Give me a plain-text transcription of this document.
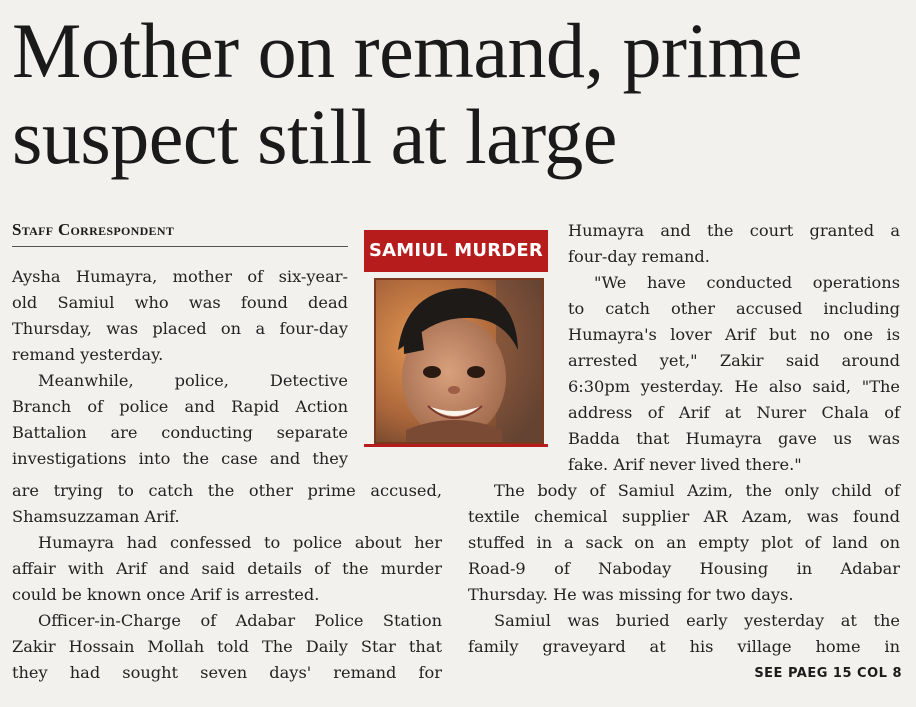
Mother on remand, prime
suspect still at large
Staff Correspondent
Aysha Humayra, mother of six-year-
old Samiul who was found dead
Thursday, was placed on a four-day
remand yesterday.
Meanwhile, police, Detective
Branch of police and Rapid Action
Battalion are conducting separate
investigations into the case and they
are trying to catch the other prime accused,
Shamsuzzaman Arif.
Humayra had confessed to police about her
affair with Arif and said details of the murder
could be known once Arif is arrested.
Officer-in-Charge of Adabar Police Station
Zakir Hossain Mollah told The Daily Star that
they had sought seven days' remand for
SAMIUL MURDER
Humayra and the court granted a
four-day remand.
"We have conducted operations
to catch other accused including
Humayra's lover Arif but no one is
arrested yet," Zakir said around
6:30pm yesterday. He also said, "The
address of Arif at Nurer Chala of
Badda that Humayra gave us was
fake. Arif never lived there."
The body of Samiul Azim, the only child of
textile chemical supplier AR Azam, was found
stuffed in a sack on an empty plot of land on
Road-9 of Naboday Housing in Adabar
Thursday. He was missing for two days.
Samiul was buried early yesterday at the
family graveyard at his village home in
SEE PAEG 15 COL 8
